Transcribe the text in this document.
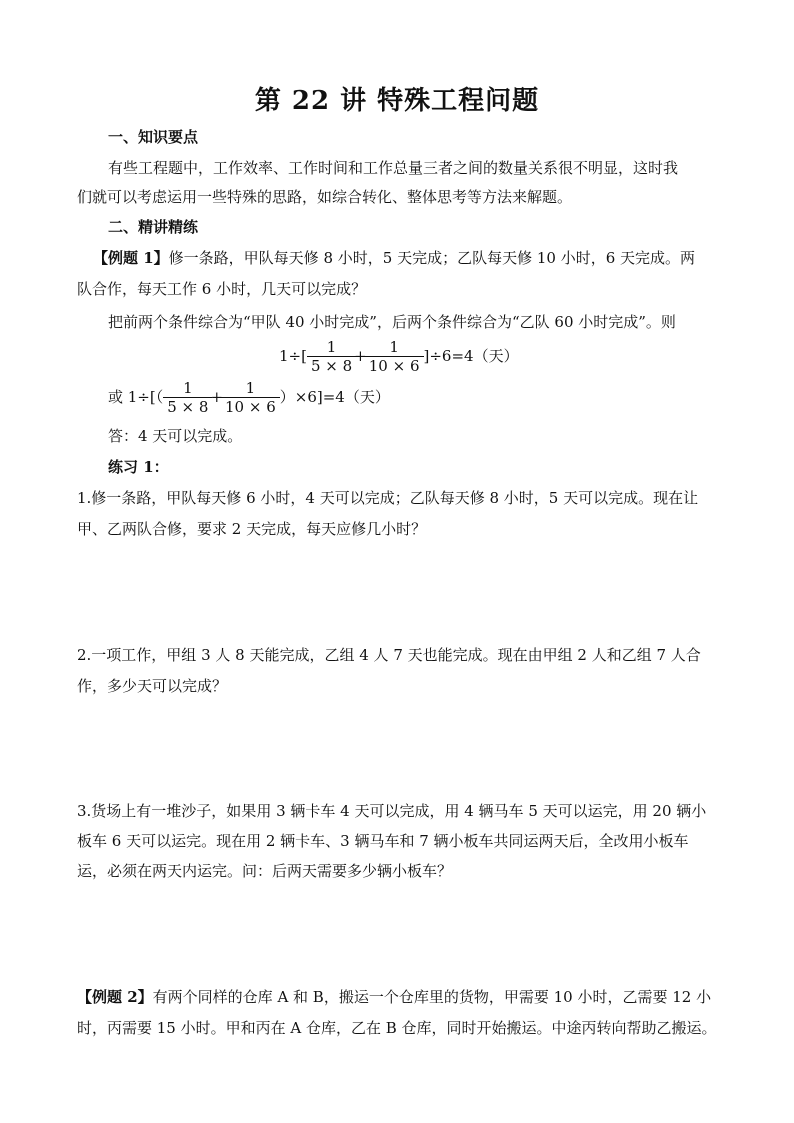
第 22 讲 特殊工程问题
一、知识要点
有些工程题中，工作效率、工作时间和工作总量三者之间的数量关系很不明显，这时我
们就可以考虑运用一些特殊的思路，如综合转化、整体思考等方法来解题。
二、精讲精练
【例题 1】修一条路，甲队每天修 8 小时，5 天完成；乙队每天修 10 小时，6 天完成。两
队合作，每天工作 6 小时，几天可以完成？
把前两个条件综合为“甲队 40 小时完成”，后两个条件综合为“乙队 60 小时完成”。则
$1\div[ \frac{1}{5 \times 8}$
+
$\frac{1}{10 \times 6} ]\div 6=4$（天）
或 $1\div[( \frac{1}{5 \times 8}$
+
$\frac{1}{10 \times 6} )\times 6]=4$（天）
答：4 天可以完成。
练习 1：
1.修一条路，甲队每天修 6 小时，4 天可以完成；乙队每天修 8 小时，5 天可以完成。现在让
甲、乙两队合修，要求 2 天完成，每天应修几小时？
2.一项工作，甲组 3 人 8 天能完成，乙组 4 人 7 天也能完成。现在由甲组 2 人和乙组 7 人合
作，多少天可以完成？
3.货场上有一堆沙子，如果用 3 辆卡车 4 天可以完成，用 4 辆马车 5 天可以运完，用 20 辆小
板车 6 天可以运完。现在用 2 辆卡车、3 辆马车和 7 辆小板车共同运两天后，全改用小板车
运，必须在两天内运完。问：后两天需要多少辆小板车？
【例题 2】有两个同样的仓库 A 和 B，搬运一个仓库里的货物，甲需要 10 小时，乙需要 12 小
时，丙需要 15 小时。甲和丙在 A 仓库，乙在 B 仓库，同时开始搬运。中途丙转向帮助乙搬运。
